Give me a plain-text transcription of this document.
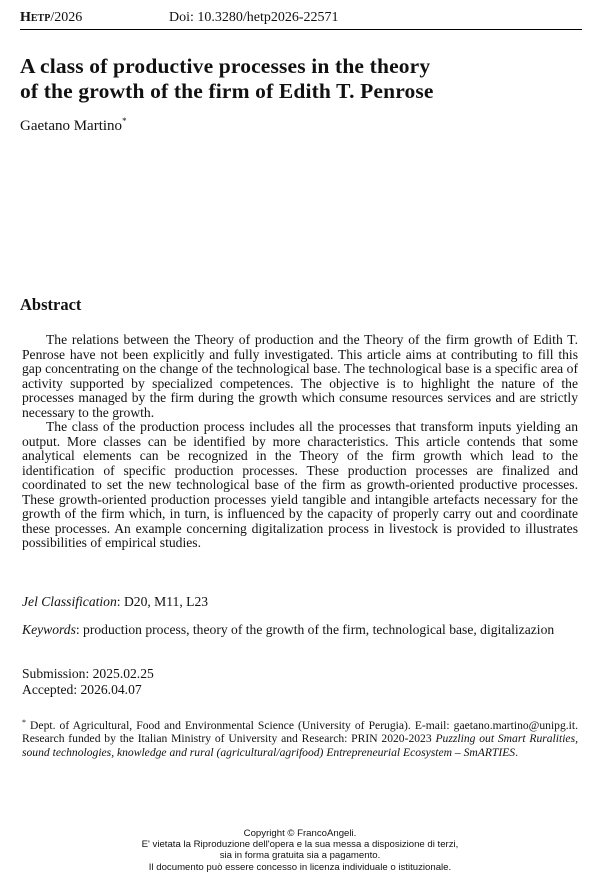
Hetp/2026	Doi: 10.3280/hetp2026-22571
A class of productive processes in the theory
of the growth of the firm of Edith T. Penrose
Gaetano Martino*
Abstract

The relations between the Theory of production and the Theory of the firm growth of Edith T. Penrose have not been explicitly and fully investigated. This article aims at contributing to fill this gap concentrating on the change of the technological base. The technological base is a specific area of activity supported by specialized competences. The objective is to highlight the nature of the processes managed by the firm during the growth which consume resources services and are strictly necessary to the growth.

The class of the production process includes all the processes that transform inputs yielding an output. More classes can be identified by more characteristics. This article contends that some analytical elements can be recognized in the Theory of the firm growth which lead to the identification of specific production processes. These production processes are finalized and coordinated to set the new technological base of the firm as growth-oriented productive processes. These growth-oriented production processes yield tangible and intangible artefacts necessary for the growth of the firm which, in turn, is influenced by the capacity of properly carry out and coordinate these processes. An example concerning digitalization process in livestock is provided to illustrates possibilities of empirical studies.

Jel Classification: D20, M11, L23
Keywords: production process, theory of the growth of the firm, technological base, digitalizazion
Submission: 2025.02.25
Accepted: 2026.04.07
* Dept. of Agricultural, Food and Environmental Science (University of Perugia). E-mail: gaetano.martino@unipg.it. Research funded by the Italian Ministry of University and Research: PRIN 2020-2023 Puzzling out Smart Ruralities, sound technologies, knowledge and rural (agricultural/agrifood) Entrepreneurial Ecosystem – SmARTIES.
Copyright © FrancoAngeli.
E' vietata la Riproduzione dell'opera e la sua messa a disposizione di terzi,
sia in forma gratuita sia a pagamento.
Il documento può essere concesso in licenza individuale o istituzionale.
